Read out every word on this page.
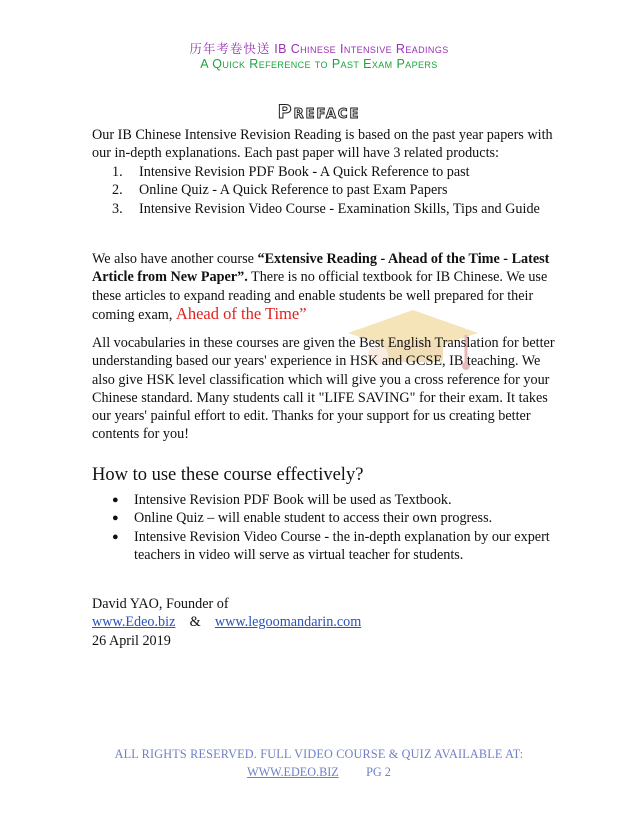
历年考卷快送 IB Chinese Intensive Readings
A Quick Reference to Past Exam Papers
Preface
Our IB Chinese Intensive Revision Reading is based on the past year papers with our in-depth explanations. Each past paper will have 3 related products:
1. Intensive Revision PDF Book - A Quick Reference to past
2. Online Quiz - A Quick Reference to past Exam Papers
3. Intensive Revision Video Course - Examination Skills, Tips and Guide
We also have another course “Extensive Reading - Ahead of the Time - Latest Article from New Paper”. There is no official textbook for IB Chinese. We use these articles to expand reading and enable students be well prepared for their coming exam, Ahead of the Time”
All vocabularies in these courses are given the Best English Translation for better understanding based our years' experience in HSK and GCSE, IB teaching. We also give HSK level classification which will give you a cross reference for your Chinese standard. Many students call it "LIFE SAVING" for their exam. It takes our years' painful effort to edit. Thanks for your support for us creating better contents for you!
How to use these course effectively?
● Intensive Revision PDF Book will be used as Textbook.
● Online Quiz – will enable student to access their own progress.
● Intensive Revision Video Course - the in-depth explanation by our expert teachers in video will serve as virtual teacher for students.
David YAO, Founder of
www.Edeo.biz & www.legoomandarin.com
26 April 2019
ALL RIGHTS RESERVED. FULL VIDEO COURSE & QUIZ AVAILABLE AT:
WWW.EDEO.BIZ PG 2
